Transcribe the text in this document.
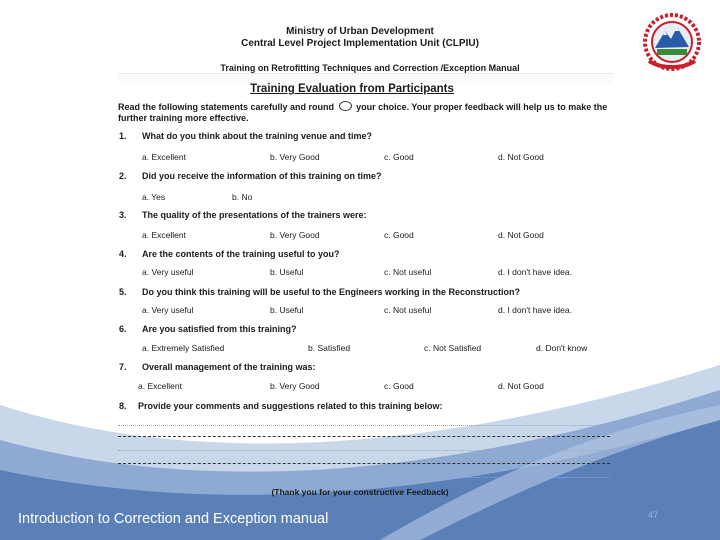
Ministry of Urban Development
Central Level Project Implementation Unit (CLPIU)
Training on Retrofitting Techniques and Correction /Exception Manual
Training Evaluation from Participants
Read the following statements carefully and round your choice. Your proper feedback will help us to make the further training more effective.
1. What do you think about the training venue and time?
a. Excellent	b. Very Good	c. Good	d. Not Good
2. Did you receive the information of this training on time?
a. Yes	b. No
3. The quality of the presentations of the trainers were:
a. Excellent	b. Very Good	c. Good	d. Not Good
4. Are the contents of the training useful to you?
a. Very useful	b. Useful	c. Not useful	d. I don't have idea.
5. Do you think this training will be useful to the Engineers working in the Reconstruction?
a. Very useful	b. Useful	c. Not useful	d. I don't have idea.
6. Are you satisfied from this training?
a. Extremely Satisfied	b. Satisfied	c. Not Satisfied	d. Don't know
7. Overall management of the training was:
a. Excellent	b. Very Good	c. Good	d. Not Good
8. Provide your comments and suggestions related to this training below:
(Thank you for your constructive Feedback)
Introduction to Correction and Exception manual	47
